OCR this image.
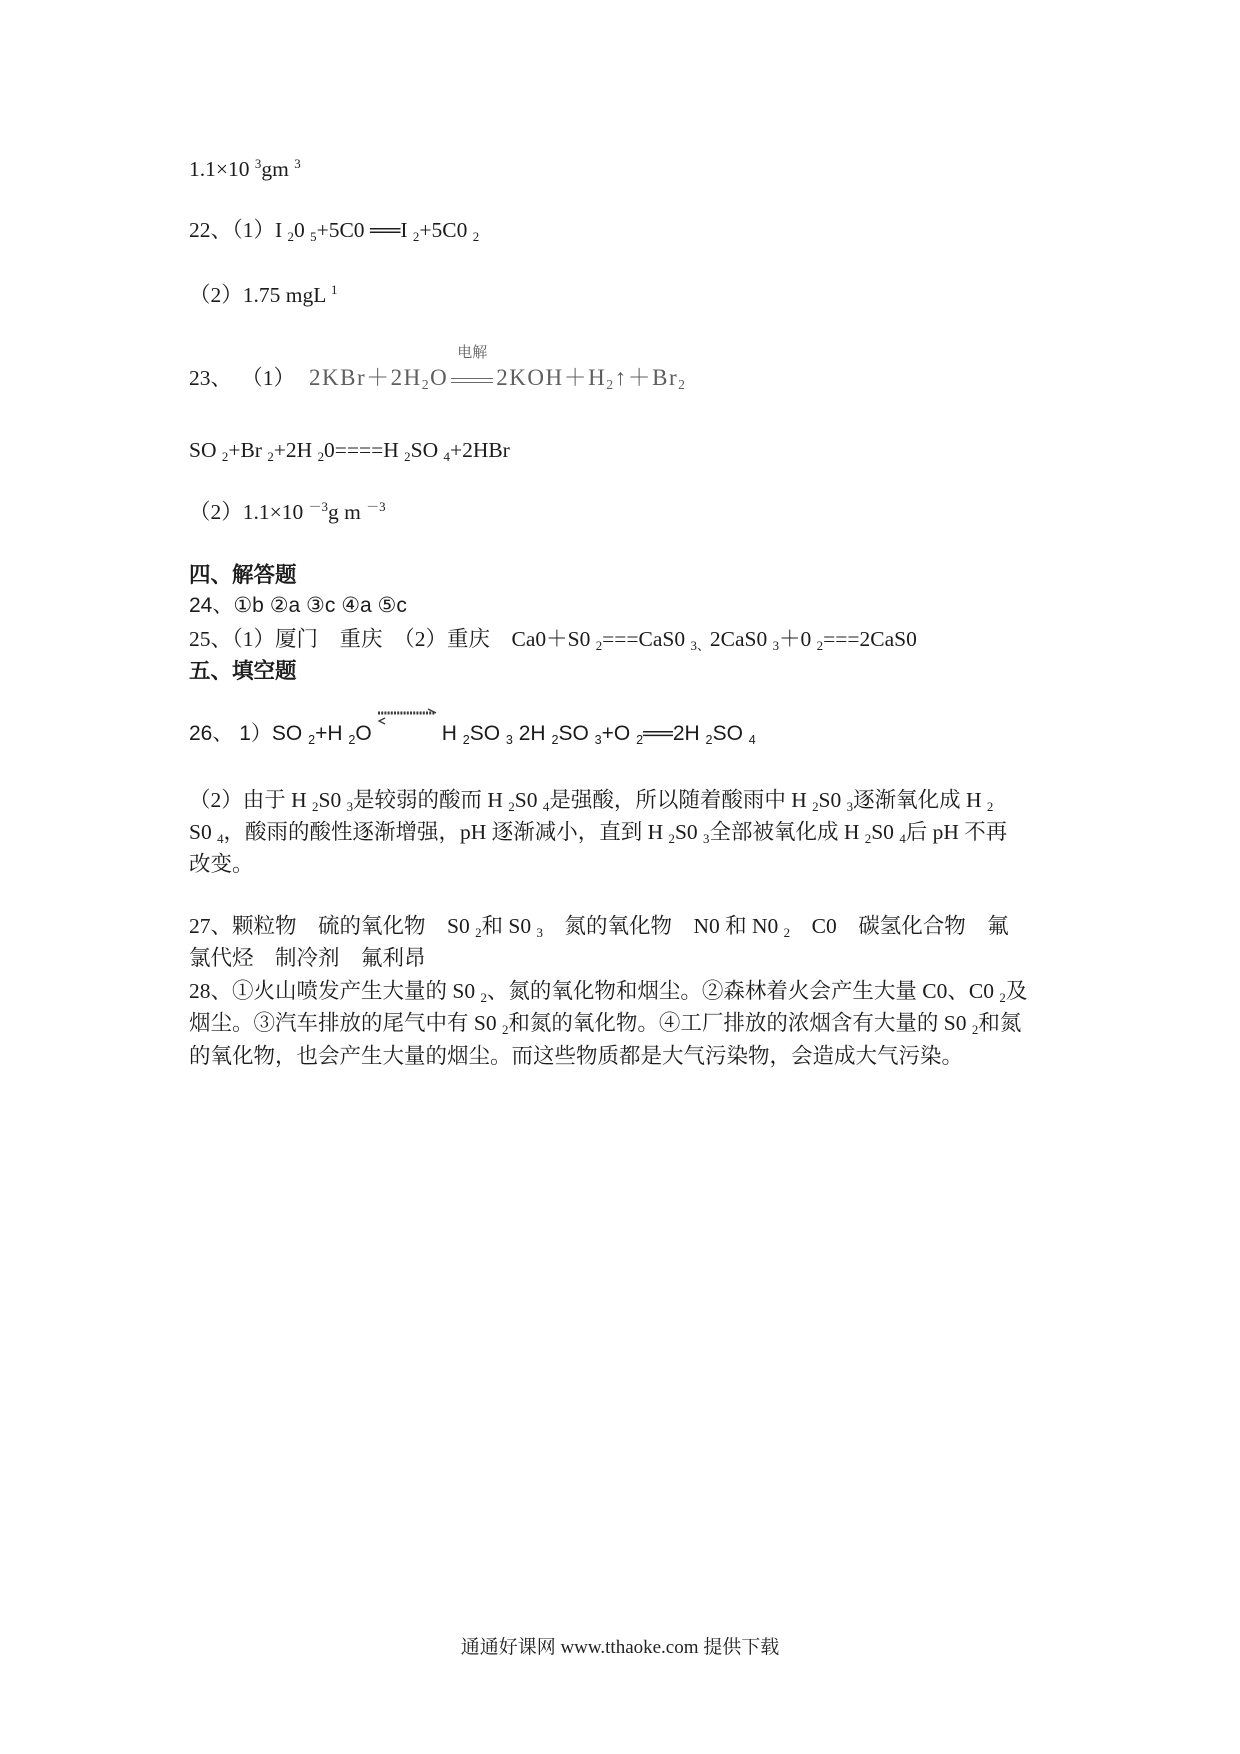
1.1×10 $^3$gm $^3$
22、（1）I 20 5+5C0 ══I 2+5C0 2
（2）1.75 mgL $^1$
23、 （1） 2KBr＋2H2O
电解
2KOH＋H2↑＋Br2
SO 2+Br 2+2H 20====H 2SO 4+2HBr
（2）1.1×10 $^{-3}$g m $^{-3}$
四、解答题
24、①b ②a ③c ④a ⑤c
25、（1）厦门　重庆　（2）重庆　Ca0＋S0 2===CaS0 3、2CaS0 3＋0 2===2CaS0
五、填空题
26、 1）SO 2+H 2O	H 2SO 3 2H 2SO 3+O 2══2H 2SO 4
（2）由于 H 2S0 3是较弱的酸而 H 2S0 4是强酸，所以随着酸雨中 H 2S0 3逐渐氧化成 H 2
S0 4，酸雨的酸性逐渐增强，pH 逐渐减小，直到 H 2S0 3全部被氧化成 H 2S0 4后 pH 不再
改变。
27、颗粒物　硫的氧化物　S0 2和 S0 3　氮的氧化物　N0 和 N0 2　C0　碳氢化合物　氟
氯代烃　制冷剂　氟利昂
28、①火山喷发产生大量的 S0 2、氮的氧化物和烟尘。②森林着火会产生大量 C0、C0 2及
烟尘。③汽车排放的尾气中有 S0 2和氮的氧化物。④工厂排放的浓烟含有大量的 S0 2和氮
的氧化物，也会产生大量的烟尘。而这些物质都是大气污染物，会造成大气污染。
通通好课网 www.tthaoke.com 提供下载
